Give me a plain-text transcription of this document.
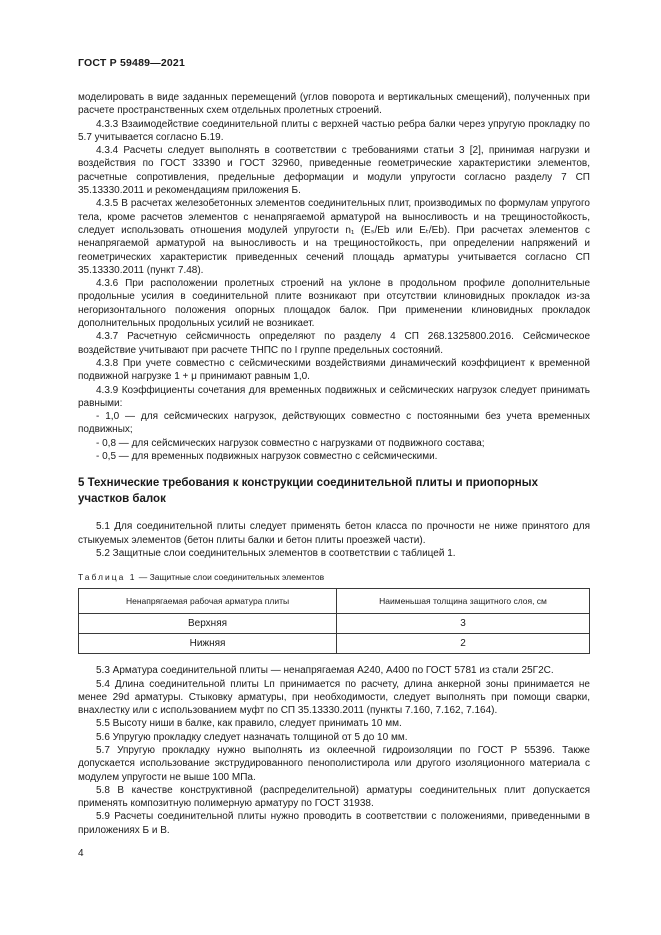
ГОСТ Р 59489—2021

моделировать в виде заданных перемещений (углов поворота и вертикальных смещений), полученных при расчете пространственных схем отдельных пролетных строений.

4.3.3 Взаимодействие соединительной плиты с верхней частью ребра балки через упругую прокладку по 5.7 учитывается согласно Б.19.

4.3.4 Расчеты следует выполнять в соответствии с требованиями статьи 3 [2], принимая нагрузки и воздействия по ГОСТ 33390 и ГОСТ 32960, приведенные геометрические характеристики элементов, расчетные сопротивления, предельные деформации и модули упругости согласно разделу 7 СП 35.13330.2011 и рекомендациям приложения Б.

4.3.5 В расчетах железобетонных элементов соединительных плит, производимых по формулам упругого тела, кроме расчетов элементов с ненапрягаемой арматурой на выносливость и на трещиностойкость, следует использовать отношения модулей упругости n₁ (Eₛ/Eb или Eₜ/Eb). При расчетах элементов с ненапрягаемой арматурой на выносливость и на трещиностойкость, при определении напряжений и геометрических характеристик приведенных сечений площадь арматуры учитывается согласно СП 35.13330.2011 (пункт 7.48).

4.3.6 При расположении пролетных строений на уклоне в продольном профиле дополнительные продольные усилия в соединительной плите возникают при отсутствии клиновидных прокладок из-за негоризонтального положения опорных площадок балок. При применении клиновидных прокладок дополнительных продольных усилий не возникает.

4.3.7 Расчетную сейсмичность определяют по разделу 4 СП 268.1325800.2016. Сейсмическое воздействие учитывают при расчете ТНПС по I группе предельных состояний.

4.3.8 При учете совместно с сейсмическими воздействиями динамический коэффициент к временной подвижной нагрузке 1 + μ принимают равным 1,0.

4.3.9 Коэффициенты сочетания для временных подвижных и сейсмических нагрузок следует принимать равными:

- 1,0 — для сейсмических нагрузок, действующих совместно с постоянными без учета временных подвижных;

- 0,8 — для сейсмических нагрузок совместно с нагрузками от подвижного состава;

- 0,5 — для временных подвижных нагрузок совместно с сейсмическими.

5 Технические требования к конструкции соединительной плиты и приопорных участков балок

5.1 Для соединительной плиты следует применять бетон класса по прочности не ниже принятого для стыкуемых элементов (бетон плиты балки и бетон плиты проезжей части).

5.2 Защитные слои соединительных элементов в соответствии с таблицей 1.

Таблица 1 — Защитные слои соединительных элементов

Ненапрягаемая рабочая арматура плиты	Наименьшая толщина защитного слоя, см
Верхняя	3
Нижняя	2

5.3 Арматура соединительной плиты — ненапрягаемая А240, А400 по ГОСТ 5781 из стали 25Г2С.

5.4 Длина соединительной плиты Lп принимается по расчету, длина анкерной зоны принимается не менее 29d арматуры. Стыковку арматуры, при необходимости, следует выполнять при помощи сварки, внахлестку или с использованием муфт по СП 35.13330.2011 (пункты 7.160, 7.162, 7.164).

5.5 Высоту ниши в балке, как правило, следует принимать 10 мм.

5.6 Упругую прокладку следует назначать толщиной от 5 до 10 мм.

5.7 Упругую прокладку нужно выполнять из оклеечной гидроизоляции по ГОСТ Р 55396. Также допускается использование экструдированного пенополистирола или другого изоляционного материала с модулем упругости не выше 100 МПа.

5.8 В качестве конструктивной (распределительной) арматуры соединительных плит допускается применять композитную полимерную арматуру по ГОСТ 31938.

5.9 Расчеты соединительной плиты нужно проводить в соответствии с положениями, приведенными в приложениях Б и В.

4
